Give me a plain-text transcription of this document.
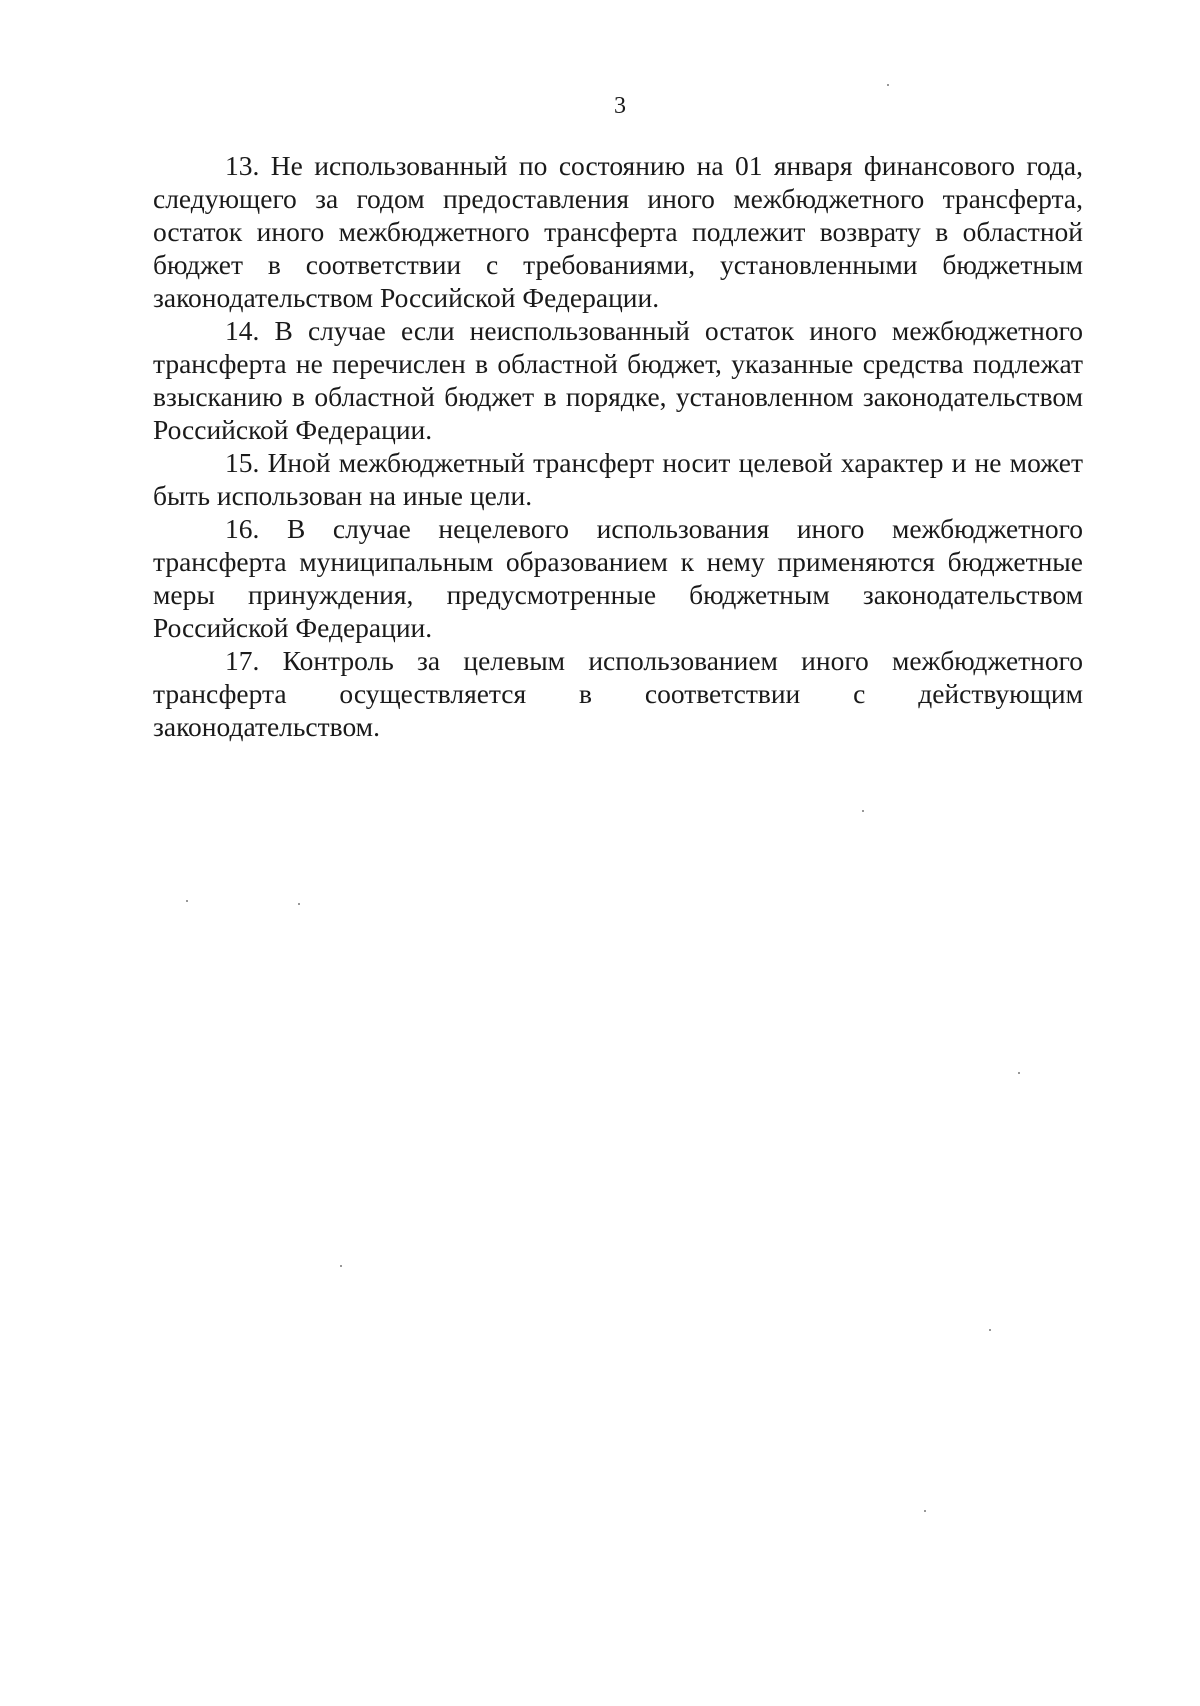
3

13. Не использованный по состоянию на 01 января финансового года, следующего за годом предоставления иного межбюджетного трансферта, остаток иного межбюджетного трансферта подлежит возврату в областной бюджет в соответствии с требованиями, установленными бюджетным законодательством Российской Федерации.

14. В случае если неиспользованный остаток иного межбюджетного трансферта не перечислен в областной бюджет, указанные средства подлежат взысканию в областной бюджет в порядке, установленном законодательством Российской Федерации.

15. Иной межбюджетный трансферт носит целевой характер и не может быть использован на иные цели.

16. В случае нецелевого использования иного межбюджетного трансферта муниципальным образованием к нему применяются бюджетные меры принуждения, предусмотренные бюджетным законодательством Российской Федерации.

17. Контроль за целевым использованием иного межбюджетного трансферта осуществляется в соответствии с действующим законодательством.
